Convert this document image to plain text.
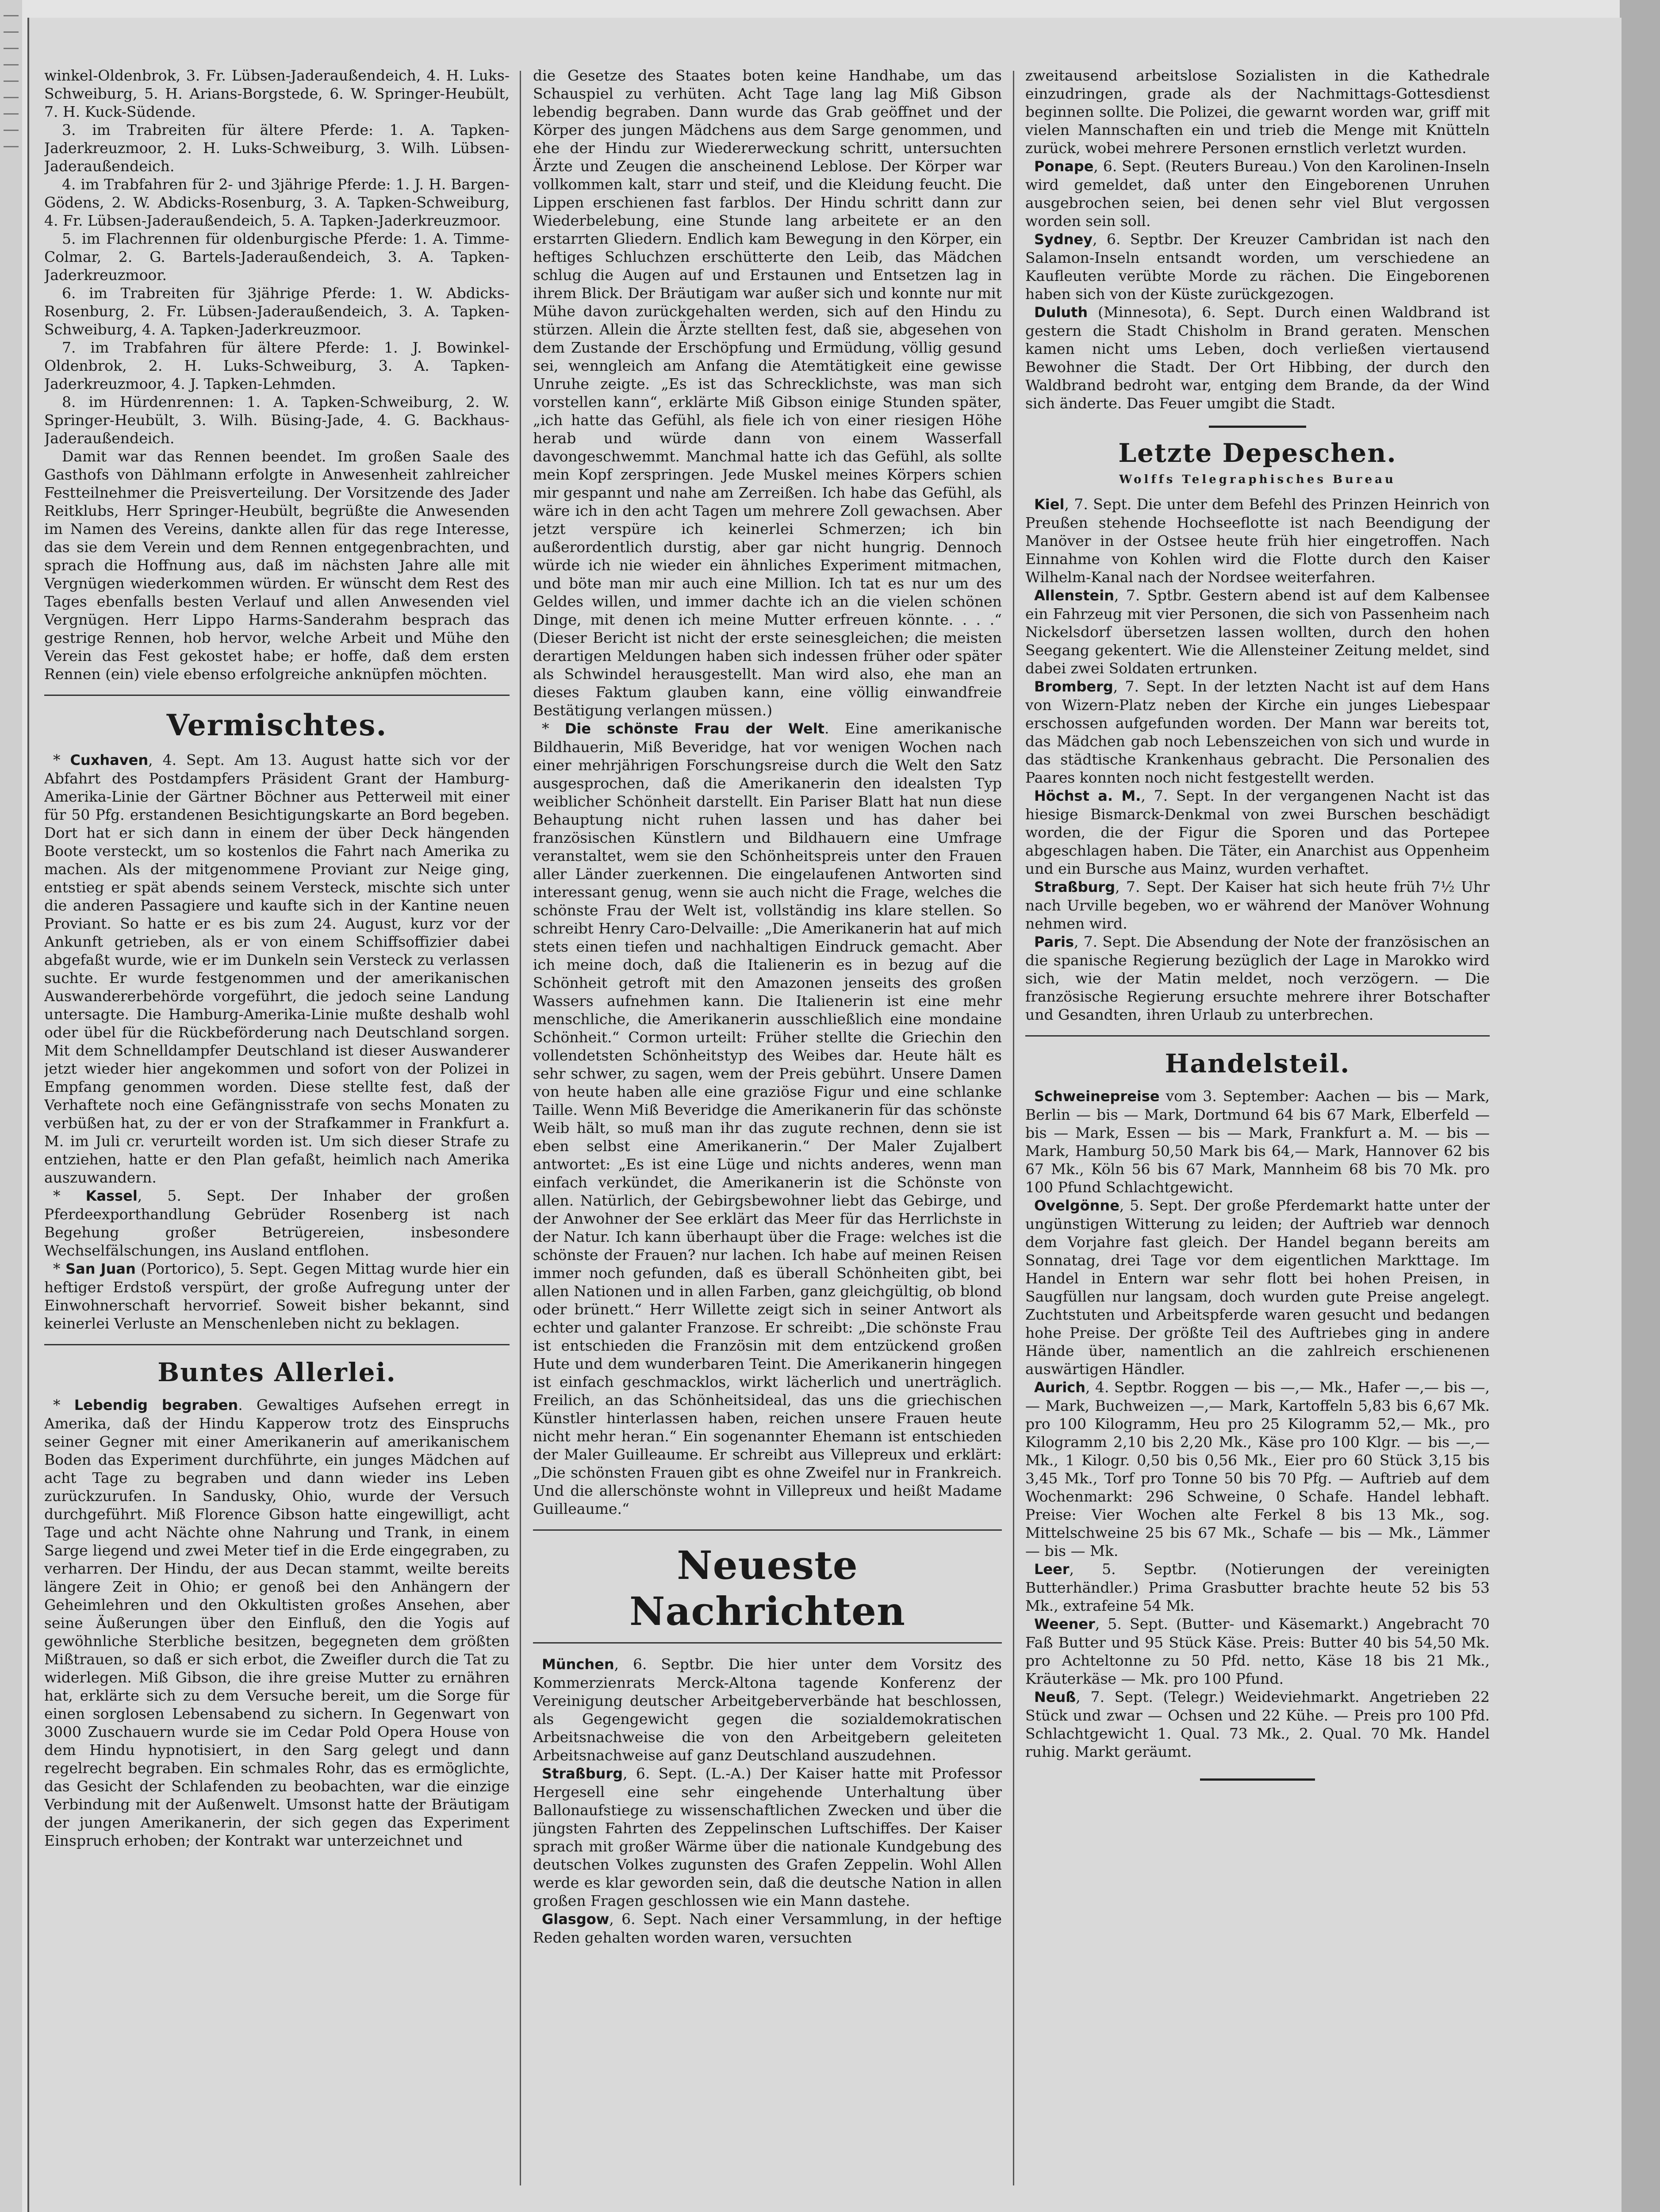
winkel-Oldenbrok, 3. Fr. Lübsen-Jaderaußendeich, 4. H. Luks-Schweiburg, 5. H. Arians-Borgstede, 6. W. Springer-Heubült, 7. H. Kuck-Südende.

3. im Trabreiten für ältere Pferde: 1. A. Tapken-Jaderkreuzmoor, 2. H. Luks-Schweiburg, 3. Wilh. Lübsen-Jaderaußendeich.

4. im Trabfahren für 2- und 3jährige Pferde: 1. J. H. Bargen-Gödens, 2. W. Abdicks-Rosenburg, 3. A. Tapken-Schweiburg, 4. Fr. Lübsen-Jaderaußendeich, 5. A. Tapken-Jaderkreuzmoor.

5. im Flachrennen für oldenburgische Pferde: 1. A. Timme-Colmar, 2. G. Bartels-Jaderaußendeich, 3. A. Tapken-Jaderkreuzmoor.

6. im Trabreiten für 3jährige Pferde: 1. W. Abdicks-Rosenburg, 2. Fr. Lübsen-Jaderaußendeich, 3. A. Tapken-Schweiburg, 4. A. Tapken-Jaderkreuzmoor.

7. im Trabfahren für ältere Pferde: 1. J. Bowinkel-Oldenbrok, 2. H. Luks-Schweiburg, 3. A. Tapken-Jaderkreuzmoor, 4. J. Tapken-Lehmden.

8. im Hürdenrennen: 1. A. Tapken-Schweiburg, 2. W. Springer-Heubült, 3. Wilh. Büsing-Jade, 4. G. Backhaus-Jaderaußendeich.

Damit war das Rennen beendet. Im großen Saale des Gasthofs von Dählmann erfolgte in Anwesenheit zahlreicher Festteilnehmer die Preisverteilung. Der Vorsitzende des Jader Reitklubs, Herr Springer-Heubült, begrüßte die Anwesenden im Namen des Vereins, dankte allen für das rege Interesse, das sie dem Verein und dem Rennen entgegenbrachten, und sprach die Hoffnung aus, daß im nächsten Jahre alle mit Vergnügen wiederkommen würden. Er wünscht dem Rest des Tages ebenfalls besten Verlauf und allen Anwesenden viel Vergnügen. Herr Lippo Harms-Sanderahm besprach das gestrige Rennen, hob hervor, welche Arbeit und Mühe den Verein das Fest gekostet habe; er hoffe, daß dem ersten Rennen (ein) viele ebenso erfolgreiche anknüpfen möchten.

Vermischtes.

* Cuxhaven, 4. Sept. Am 13. August hatte sich vor der Abfahrt des Postdampfers Präsident Grant der Hamburg-Amerika-Linie der Gärtner Böchner aus Petterweil mit einer für 50 Pfg. erstandenen Besichtigungskarte an Bord begeben. Dort hat er sich dann in einem der über Deck hängenden Boote versteckt, um so kostenlos die Fahrt nach Amerika zu machen. Als der mitgenommene Proviant zur Neige ging, entstieg er spät abends seinem Versteck, mischte sich unter die anderen Passagiere und kaufte sich in der Kantine neuen Proviant. So hatte er es bis zum 24. August, kurz vor der Ankunft getrieben, als er von einem Schiffsoffizier dabei abgefaßt wurde, wie er im Dunkeln sein Versteck zu verlassen suchte. Er wurde festgenommen und der amerikanischen Auswandererbehörde vorgeführt, die jedoch seine Landung untersagte. Die Hamburg-Amerika-Linie mußte deshalb wohl oder übel für die Rückbeförderung nach Deutschland sorgen. Mit dem Schnelldampfer Deutschland ist dieser Auswanderer jetzt wieder hier angekommen und sofort von der Polizei in Empfang genommen worden. Diese stellte fest, daß der Verhaftete noch eine Gefängnisstrafe von sechs Monaten zu verbüßen hat, zu der er von der Strafkammer in Frankfurt a. M. im Juli cr. verurteilt worden ist. Um sich dieser Strafe zu entziehen, hatte er den Plan gefaßt, heimlich nach Amerika auszuwandern.

* Kassel, 5. Sept. Der Inhaber der großen Pferdeexporthandlung Gebrüder Rosenberg ist nach Begehung großer Betrügereien, insbesondere Wechselfälschungen, ins Ausland entflohen.

* San Juan (Portorico), 5. Sept. Gegen Mittag wurde hier ein heftiger Erdstoß verspürt, der große Aufregung unter der Einwohnerschaft hervorrief. Soweit bisher bekannt, sind keinerlei Verluste an Menschenleben nicht zu beklagen.

Buntes Allerlei.

* Lebendig begraben. Gewaltiges Aufsehen erregt in Amerika, daß der Hindu Kapperow trotz des Einspruchs seiner Gegner mit einer Amerikanerin auf amerikanischem Boden das Experiment durchführte, ein junges Mädchen auf acht Tage zu begraben und dann wieder ins Leben zurückzurufen. In Sandusky, Ohio, wurde der Versuch durchgeführt. Miß Florence Gibson hatte eingewilligt, acht Tage und acht Nächte ohne Nahrung und Trank, in einem Sarge liegend und zwei Meter tief in die Erde eingegraben, zu verharren. Der Hindu, der aus Decan stammt, weilte bereits längere Zeit in Ohio; er genoß bei den Anhängern der Geheimlehren und den Okkultisten großes Ansehen, aber seine Äußerungen über den Einfluß, den die Yogis auf gewöhnliche Sterbliche besitzen, begegneten dem größten Mißtrauen, so daß er sich erbot, die Zweifler durch die Tat zu widerlegen. Miß Gibson, die ihre greise Mutter zu ernähren hat, erklärte sich zu dem Versuche bereit, um die Sorge für einen sorglosen Lebensabend zu sichern. In Gegenwart von 3000 Zuschauern wurde sie im Cedar Pold Opera House von dem Hindu hypnotisiert, in den Sarg gelegt und dann regelrecht begraben. Ein schmales Rohr, das es ermöglichte, das Gesicht der Schlafenden zu beobachten, war die einzige Verbindung mit der Außenwelt. Umsonst hatte der Bräutigam der jungen Amerikanerin, der sich gegen das Experiment Einspruch erhoben; der Kontrakt war unterzeichnet und

die Gesetze des Staates boten keine Handhabe, um das Schauspiel zu verhüten. Acht Tage lang lag Miß Gibson lebendig begraben. Dann wurde das Grab geöffnet und der Körper des jungen Mädchens aus dem Sarge genommen, und ehe der Hindu zur Wiedererweckung schritt, untersuchten Ärzte und Zeugen die anscheinend Leblose. Der Körper war vollkommen kalt, starr und steif, und die Kleidung feucht. Die Lippen erschienen fast farblos. Der Hindu schritt dann zur Wiederbelebung, eine Stunde lang arbeitete er an den erstarrten Gliedern. Endlich kam Bewegung in den Körper, ein heftiges Schluchzen erschütterte den Leib, das Mädchen schlug die Augen auf und Erstaunen und Entsetzen lag in ihrem Blick. Der Bräutigam war außer sich und konnte nur mit Mühe davon zurückgehalten werden, sich auf den Hindu zu stürzen. Allein die Ärzte stellten fest, daß sie, abgesehen von dem Zustande der Erschöpfung und Ermüdung, völlig gesund sei, wenngleich am Anfang die Atemtätigkeit eine gewisse Unruhe zeigte. „Es ist das Schrecklichste, was man sich vorstellen kann“, erklärte Miß Gibson einige Stunden später, „ich hatte das Gefühl, als fiele ich von einer riesigen Höhe herab und würde dann von einem Wasserfall davongeschwemmt. Manchmal hatte ich das Gefühl, als sollte mein Kopf zerspringen. Jede Muskel meines Körpers schien mir gespannt und nahe am Zerreißen. Ich habe das Gefühl, als wäre ich in den acht Tagen um mehrere Zoll gewachsen. Aber jetzt verspüre ich keinerlei Schmerzen; ich bin außerordentlich durstig, aber gar nicht hungrig. Dennoch würde ich nie wieder ein ähnliches Experiment mitmachen, und böte man mir auch eine Million. Ich tat es nur um des Geldes willen, und immer dachte ich an die vielen schönen Dinge, mit denen ich meine Mutter erfreuen könnte. . . .“ (Dieser Bericht ist nicht der erste seinesgleichen; die meisten derartigen Meldungen haben sich indessen früher oder später als Schwindel herausgestellt. Man wird also, ehe man an dieses Faktum glauben kann, eine völlig einwandfreie Bestätigung verlangen müssen.)

* Die schönste Frau der Welt. Eine amerikanische Bildhauerin, Miß Beveridge, hat vor wenigen Wochen nach einer mehrjährigen Forschungsreise durch die Welt den Satz ausgesprochen, daß die Amerikanerin den idealsten Typ weiblicher Schönheit darstellt. Ein Pariser Blatt hat nun diese Behauptung nicht ruhen lassen und has daher bei französischen Künstlern und Bildhauern eine Umfrage veranstaltet, wem sie den Schönheitspreis unter den Frauen aller Länder zuerkennen. Die eingelaufenen Antworten sind interessant genug, wenn sie auch nicht die Frage, welches die schönste Frau der Welt ist, vollständig ins klare stellen. So schreibt Henry Caro-Delvaille: „Die Amerikanerin hat auf mich stets einen tiefen und nachhaltigen Eindruck gemacht. Aber ich meine doch, daß die Italienerin es in bezug auf die Schönheit getroft mit den Amazonen jenseits des großen Wassers aufnehmen kann. Die Italienerin ist eine mehr menschliche, die Amerikanerin ausschließlich eine mondaine Schönheit.“ Cormon urteilt: Früher stellte die Griechin den vollendetsten Schönheitstyp des Weibes dar. Heute hält es sehr schwer, zu sagen, wem der Preis gebührt. Unsere Damen von heute haben alle eine graziöse Figur und eine schlanke Taille. Wenn Miß Beveridge die Amerikanerin für das schönste Weib hält, so muß man ihr das zugute rechnen, denn sie ist eben selbst eine Amerikanerin.“ Der Maler Zujalbert antwortet: „Es ist eine Lüge und nichts anderes, wenn man einfach verkündet, die Amerikanerin ist die Schönste von allen. Natürlich, der Gebirgsbewohner liebt das Gebirge, und der Anwohner der See erklärt das Meer für das Herrlichste in der Natur. Ich kann überhaupt über die Frage: welches ist die schönste der Frauen? nur lachen. Ich habe auf meinen Reisen immer noch gefunden, daß es überall Schönheiten gibt, bei allen Nationen und in allen Farben, ganz gleichgültig, ob blond oder brünett.“ Herr Willette zeigt sich in seiner Antwort als echter und galanter Franzose. Er schreibt: „Die schönste Frau ist entschieden die Französin mit dem entzückend großen Hute und dem wunderbaren Teint. Die Amerikanerin hingegen ist einfach geschmacklos, wirkt lächerlich und unerträglich. Freilich, an das Schönheitsideal, das uns die griechischen Künstler hinterlassen haben, reichen unsere Frauen heute nicht mehr heran.“ Ein sogenannter Ehemann ist entschieden der Maler Guilleaume. Er schreibt aus Villepreux und erklärt: „Die schönsten Frauen gibt es ohne Zweifel nur in Frankreich. Und die allerschönste wohnt in Villepreux und heißt Madame Guilleaume.“

Neueste Nachrichten

München, 6. Septbr. Die hier unter dem Vorsitz des Kommerzienrats Merck-Altona tagende Konferenz der Vereinigung deutscher Arbeitgeberverbände hat beschlossen, als Gegengewicht gegen die sozialdemokratischen Arbeitsnachweise die von den Arbeitgebern geleiteten Arbeitsnachweise auf ganz Deutschland auszudehnen.

Straßburg, 6. Sept. (L.-A.) Der Kaiser hatte mit Professor Hergesell eine sehr eingehende Unterhaltung über Ballonaufstiege zu wissenschaftlichen Zwecken und über die jüngsten Fahrten des Zeppelinschen Luftschiffes. Der Kaiser sprach mit großer Wärme über die nationale Kundgebung des deutschen Volkes zugunsten des Grafen Zeppelin. Wohl Allen werde es klar geworden sein, daß die deutsche Nation in allen großen Fragen geschlossen wie ein Mann dastehe.

Glasgow, 6. Sept. Nach einer Versammlung, in der heftige Reden gehalten worden waren, versuchten

zweitausend arbeitslose Sozialisten in die Kathedrale einzudringen, grade als der Nachmittags-Gottesdienst beginnen sollte. Die Polizei, die gewarnt worden war, griff mit vielen Mannschaften ein und trieb die Menge mit Knütteln zurück, wobei mehrere Personen ernstlich verletzt wurden.

Ponape, 6. Sept. (Reuters Bureau.) Von den Karolinen-Inseln wird gemeldet, daß unter den Eingeborenen Unruhen ausgebrochen seien, bei denen sehr viel Blut vergossen worden sein soll.

Sydney, 6. Septbr. Der Kreuzer Cambridan ist nach den Salamon-Inseln entsandt worden, um verschiedene an Kaufleuten verübte Morde zu rächen. Die Eingeborenen haben sich von der Küste zurückgezogen.

Duluth (Minnesota), 6. Sept. Durch einen Waldbrand ist gestern die Stadt Chisholm in Brand geraten. Menschen kamen nicht ums Leben, doch verließen viertausend Bewohner die Stadt. Der Ort Hibbing, der durch den Waldbrand bedroht war, entging dem Brande, da der Wind sich änderte. Das Feuer umgibt die Stadt.

Letzte Depeschen.
Wolffs Telegraphisches Bureau

Kiel, 7. Sept. Die unter dem Befehl des Prinzen Heinrich von Preußen stehende Hochseeflotte ist nach Beendigung der Manöver in der Ostsee heute früh hier eingetroffen. Nach Einnahme von Kohlen wird die Flotte durch den Kaiser Wilhelm-Kanal nach der Nordsee weiterfahren.

Allenstein, 7. Sptbr. Gestern abend ist auf dem Kalbensee ein Fahrzeug mit vier Personen, die sich von Passenheim nach Nickelsdorf übersetzen lassen wollten, durch den hohen Seegang gekentert. Wie die Allensteiner Zeitung meldet, sind dabei zwei Soldaten ertrunken.

Bromberg, 7. Sept. In der letzten Nacht ist auf dem Hans von Wizern-Platz neben der Kirche ein junges Liebespaar erschossen aufgefunden worden. Der Mann war bereits tot, das Mädchen gab noch Lebenszeichen von sich und wurde in das städtische Krankenhaus gebracht. Die Personalien des Paares konnten noch nicht festgestellt werden.

Höchst a. M., 7. Sept. In der vergangenen Nacht ist das hiesige Bismarck-Denkmal von zwei Burschen beschädigt worden, die der Figur die Sporen und das Portepee abgeschlagen haben. Die Täter, ein Anarchist aus Oppenheim und ein Bursche aus Mainz, wurden verhaftet.

Straßburg, 7. Sept. Der Kaiser hat sich heute früh 7½ Uhr nach Urville begeben, wo er während der Manöver Wohnung nehmen wird.

Paris, 7. Sept. Die Absendung der Note der französischen an die spanische Regierung bezüglich der Lage in Marokko wird sich, wie der Matin meldet, noch verzögern. — Die französische Regierung ersuchte mehrere ihrer Botschafter und Gesandten, ihren Urlaub zu unterbrechen.

Handelsteil.

Schweinepreise vom 3. September: Aachen — bis — Mark, Berlin — bis — Mark, Dortmund 64 bis 67 Mark, Elberfeld — bis — Mark, Essen — bis — Mark, Frankfurt a. M. — bis — Mark, Hamburg 50,50 Mark bis 64,— Mark, Hannover 62 bis 67 Mk., Köln 56 bis 67 Mark, Mannheim 68 bis 70 Mk. pro 100 Pfund Schlachtgewicht.

Ovelgönne, 5. Sept. Der große Pferdemarkt hatte unter der ungünstigen Witterung zu leiden; der Auftrieb war dennoch dem Vorjahre fast gleich. Der Handel begann bereits am Sonnatag, drei Tage vor dem eigentlichen Markttage. Im Handel in Entern war sehr flott bei hohen Preisen, in Saugfüllen nur langsam, doch wurden gute Preise angelegt. Zuchtstuten und Arbeitspferde waren gesucht und bedangen hohe Preise. Der größte Teil des Auftriebes ging in andere Hände über, namentlich an die zahlreich erschienenen auswärtigen Händler.

Aurich, 4. Septbr. Roggen — bis —,— Mk., Hafer —,— bis —,— Mark, Buchweizen —,— Mark, Kartoffeln 5,83 bis 6,67 Mk. pro 100 Kilogramm, Heu pro 25 Kilogramm 52,— Mk., pro Kilogramm 2,10 bis 2,20 Mk., Käse pro 100 Klgr. — bis —,— Mk., 1 Kilogr. 0,50 bis 0,56 Mk., Eier pro 60 Stück 3,15 bis 3,45 Mk., Torf pro Tonne 50 bis 70 Pfg. — Auftrieb auf dem Wochenmarkt: 296 Schweine, 0 Schafe. Handel lebhaft. Preise: Vier Wochen alte Ferkel 8 bis 13 Mk., sog. Mittelschweine 25 bis 67 Mk., Schafe — bis — Mk., Lämmer — bis — Mk.

Leer, 5. Septbr. (Notierungen der vereinigten Butterhändler.) Prima Grasbutter brachte heute 52 bis 53 Mk., extrafeine 54 Mk.

Weener, 5. Sept. (Butter- und Käsemarkt.) Angebracht 70 Faß Butter und 95 Stück Käse. Preis: Butter 40 bis 54,50 Mk. pro Achteltonne zu 50 Pfd. netto, Käse 18 bis 21 Mk., Kräuterkäse — Mk. pro 100 Pfund.

Neuß, 7. Sept. (Telegr.) Weideviehmarkt. Angetrieben 22 Stück und zwar — Ochsen und 22 Kühe. — Preis pro 100 Pfd. Schlachtgewicht 1. Qual. 73 Mk., 2. Qual. 70 Mk. Handel ruhig. Markt geräumt.
